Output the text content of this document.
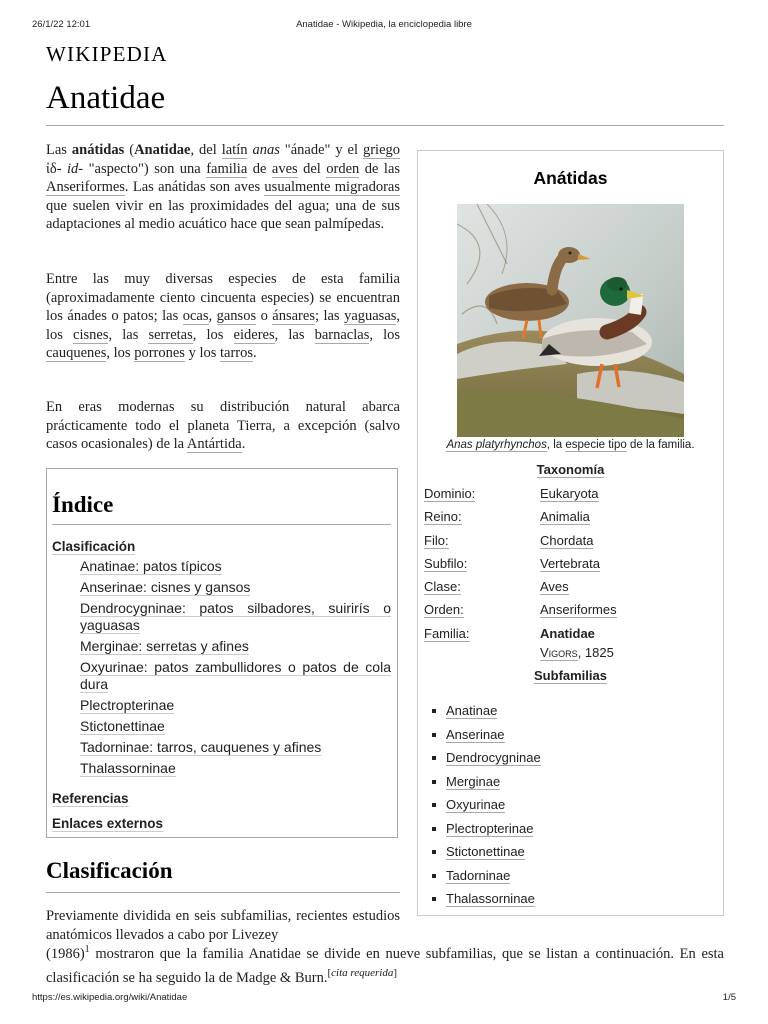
26/1/22 12:01	Anatidae - Wikipedia, la enciclopedia libre
WIKIPEDIA
Anatidae

Las anátidas (Anatidae, del latín anas "ánade" y el griego ἰδ- id- "aspecto") son una familia de aves del orden de las Anseriformes. Las anátidas son aves usualmente migradoras que suelen vivir en las proximidades del agua; una de sus adaptaciones al medio acuático hace que sean palmípedas.

Entre las muy diversas especies de esta familia (aproximadamente ciento cincuenta especies) se encuentran los ánades o patos; las ocas, gansos o ánsares; las yaguasas, los cisnes, las serretas, los eideres, las barnaclas, los cauquenes, los porrones y los tarros.

En eras modernas su distribución natural abarca prácticamente todo el planeta Tierra, a excepción (salvo casos ocasionales) de la Antártida.

Índice
Clasificación
Anatinae: patos típicos
Anserinae: cisnes y gansos
Dendrocygninae: patos silbadores, suirirís o yaguasas
Merginae: serretas y afines
Oxyurinae: patos zambullidores o patos de cola dura
Plectropterinae
Stictonettinae
Tadorninae: tarros, cauquenes y afines
Thalassorninae
Referencias
Enlaces externos
Anátidas
Anas platyrhynchos, la especie tipo de la familia.
Taxonomía
Dominio:	Eukaryota
Reino:	Animalia
Filo:	Chordata
Subfilo:	Vertebrata
Clase:	Aves
Orden:	Anseriformes
Familia:	Anatidae
Vigors, 1825
Subfamilias
Anatinae
Anserinae
Dendrocygninae
Merginae
Oxyurinae
Plectropterinae
Stictonettinae
Tadorninae
Thalassorninae
Clasificación

Previamente dividida en seis subfamilias, recientes estudios anatómicos llevados a cabo por Livezey

(1986)$^1$ mostraron que la familia Anatidae se divide en nueve subfamilias, que se listan a continuación. En esta clasificación se ha seguido la de Madge & Burn.[cita requerida]

https://es.wikipedia.org/wiki/Anatidae	1/5
